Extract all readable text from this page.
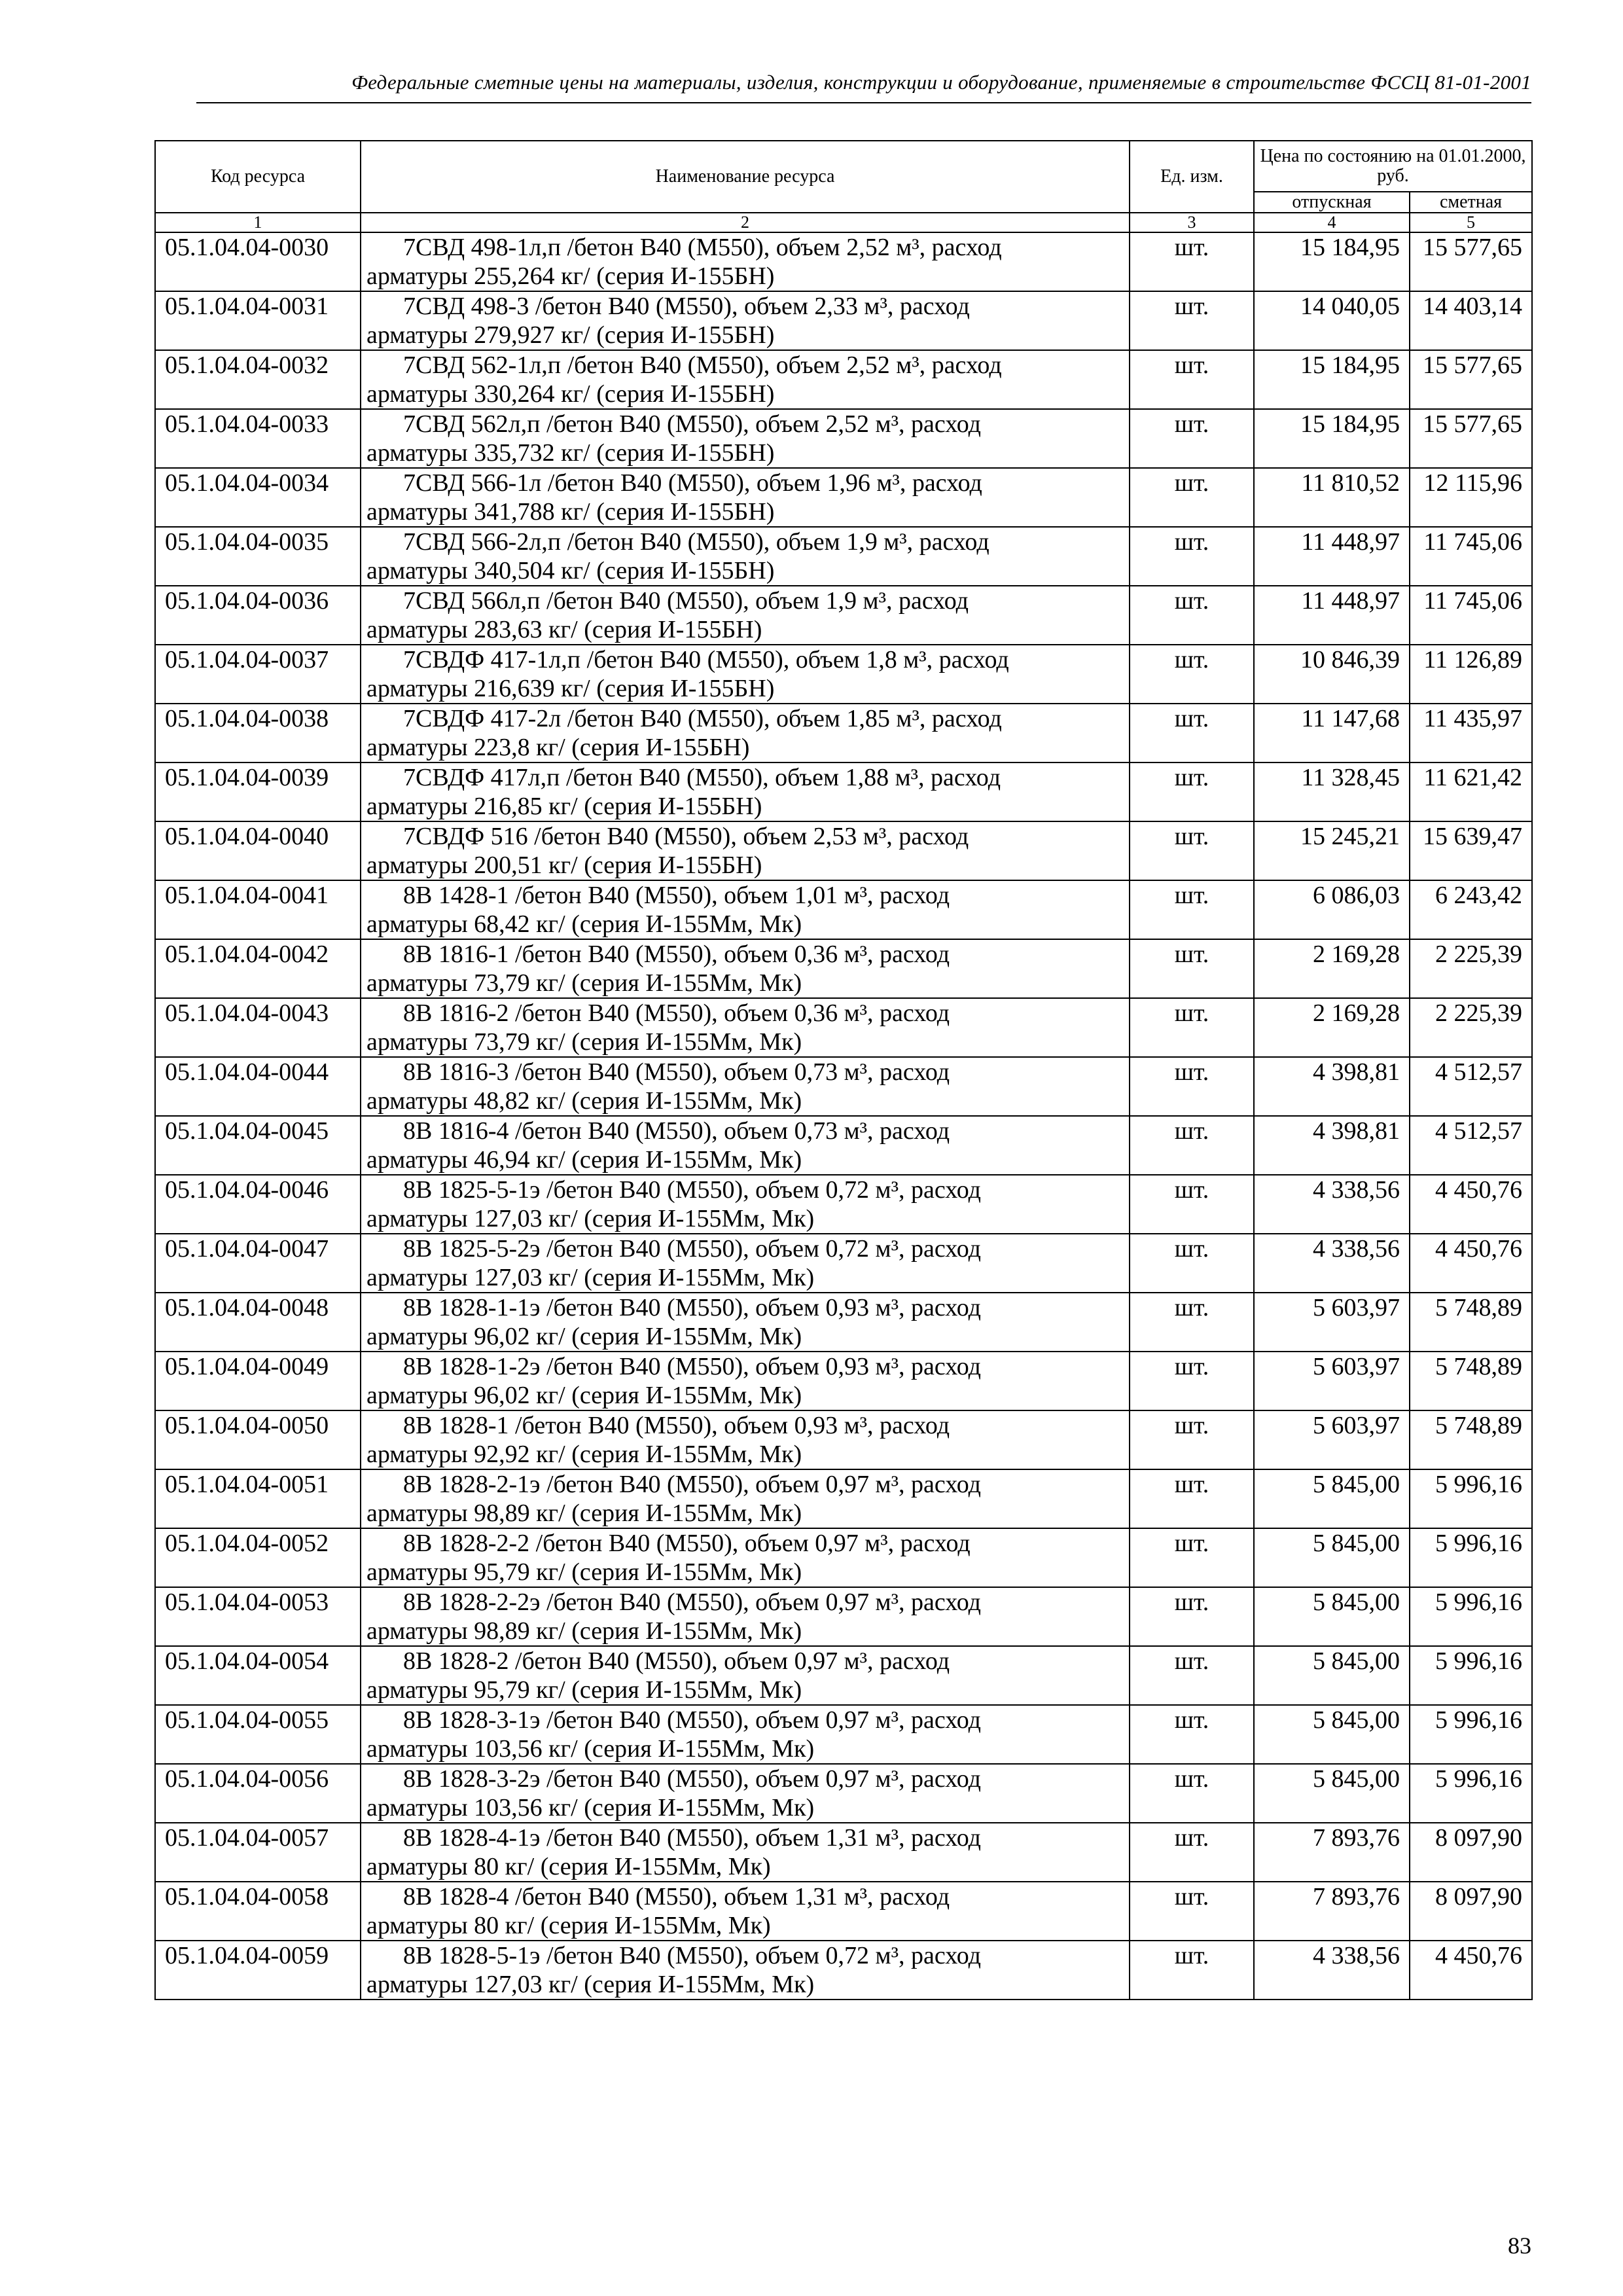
Федеральные сметные цены на материалы, изделия, конструкции и оборудование, применяемые в строительстве ФССЦ 81-01-2001
Код ресурса	Наименование ресурса	Ед. изм.	Цена по состоянию на 01.01.2000, руб.	
			отпускная	сметная
1	2	3	4	5
05.1.04.04-0030	7СВД 498-1л,п /бетон В40 (М550), объем 2,52 м³, расход
арматуры 255,264 кг/ (серия И-155БН)	шт.	15 184,95	15 577,65
05.1.04.04-0031	7СВД 498-3 /бетон В40 (М550), объем 2,33 м³, расход
арматуры 279,927 кг/ (серия И-155БН)	шт.	14 040,05	14 403,14
05.1.04.04-0032	7СВД 562-1л,п /бетон В40 (М550), объем 2,52 м³, расход
арматуры 330,264 кг/ (серия И-155БН)	шт.	15 184,95	15 577,65
05.1.04.04-0033	7СВД 562л,п /бетон В40 (М550), объем 2,52 м³, расход
арматуры 335,732 кг/ (серия И-155БН)	шт.	15 184,95	15 577,65
05.1.04.04-0034	7СВД 566-1л /бетон В40 (М550), объем 1,96 м³, расход
арматуры 341,788 кг/ (серия И-155БН)	шт.	11 810,52	12 115,96
05.1.04.04-0035	7СВД 566-2л,п /бетон В40 (М550), объем 1,9 м³, расход
арматуры 340,504 кг/ (серия И-155БН)	шт.	11 448,97	11 745,06
05.1.04.04-0036	7СВД 566л,п /бетон В40 (М550), объем 1,9 м³, расход
арматуры 283,63 кг/ (серия И-155БН)	шт.	11 448,97	11 745,06
05.1.04.04-0037	7СВДФ 417-1л,п /бетон В40 (М550), объем 1,8 м³, расход
арматуры 216,639 кг/ (серия И-155БН)	шт.	10 846,39	11 126,89
05.1.04.04-0038	7СВДФ 417-2л /бетон В40 (М550), объем 1,85 м³, расход
арматуры 223,8 кг/ (серия И-155БН)	шт.	11 147,68	11 435,97
05.1.04.04-0039	7СВДФ 417л,п /бетон В40 (М550), объем 1,88 м³, расход
арматуры 216,85 кг/ (серия И-155БН)	шт.	11 328,45	11 621,42
05.1.04.04-0040	7СВДФ 516 /бетон В40 (М550), объем 2,53 м³, расход
арматуры 200,51 кг/ (серия И-155БН)	шт.	15 245,21	15 639,47
05.1.04.04-0041	8В 1428-1 /бетон В40 (М550), объем 1,01 м³, расход
арматуры 68,42 кг/ (серия И-155Мм, Мк)	шт.	6 086,03	6 243,42
05.1.04.04-0042	8В 1816-1 /бетон В40 (М550), объем 0,36 м³, расход
арматуры 73,79 кг/ (серия И-155Мм, Мк)	шт.	2 169,28	2 225,39
05.1.04.04-0043	8В 1816-2 /бетон В40 (М550), объем 0,36 м³, расход
арматуры 73,79 кг/ (серия И-155Мм, Мк)	шт.	2 169,28	2 225,39
05.1.04.04-0044	8В 1816-3 /бетон В40 (М550), объем 0,73 м³, расход
арматуры 48,82 кг/ (серия И-155Мм, Мк)	шт.	4 398,81	4 512,57
05.1.04.04-0045	8В 1816-4 /бетон В40 (М550), объем 0,73 м³, расход
арматуры 46,94 кг/ (серия И-155Мм, Мк)	шт.	4 398,81	4 512,57
05.1.04.04-0046	8В 1825-5-1э /бетон В40 (М550), объем 0,72 м³, расход
арматуры 127,03 кг/ (серия И-155Мм, Мк)	шт.	4 338,56	4 450,76
05.1.04.04-0047	8В 1825-5-2э /бетон В40 (М550), объем 0,72 м³, расход
арматуры 127,03 кг/ (серия И-155Мм, Мк)	шт.	4 338,56	4 450,76
05.1.04.04-0048	8В 1828-1-1э /бетон В40 (М550), объем 0,93 м³, расход
арматуры 96,02 кг/ (серия И-155Мм, Мк)	шт.	5 603,97	5 748,89
05.1.04.04-0049	8В 1828-1-2э /бетон В40 (М550), объем 0,93 м³, расход
арматуры 96,02 кг/ (серия И-155Мм, Мк)	шт.	5 603,97	5 748,89
05.1.04.04-0050	8В 1828-1 /бетон В40 (М550), объем 0,93 м³, расход
арматуры 92,92 кг/ (серия И-155Мм, Мк)	шт.	5 603,97	5 748,89
05.1.04.04-0051	8В 1828-2-1э /бетон В40 (М550), объем 0,97 м³, расход
арматуры 98,89 кг/ (серия И-155Мм, Мк)	шт.	5 845,00	5 996,16
05.1.04.04-0052	8В 1828-2-2 /бетон В40 (М550), объем 0,97 м³, расход
арматуры 95,79 кг/ (серия И-155Мм, Мк)	шт.	5 845,00	5 996,16
05.1.04.04-0053	8В 1828-2-2э /бетон В40 (М550), объем 0,97 м³, расход
арматуры 98,89 кг/ (серия И-155Мм, Мк)	шт.	5 845,00	5 996,16
05.1.04.04-0054	8В 1828-2 /бетон В40 (М550), объем 0,97 м³, расход
арматуры 95,79 кг/ (серия И-155Мм, Мк)	шт.	5 845,00	5 996,16
05.1.04.04-0055	8В 1828-3-1э /бетон В40 (М550), объем 0,97 м³, расход
арматуры 103,56 кг/ (серия И-155Мм, Мк)	шт.	5 845,00	5 996,16
05.1.04.04-0056	8В 1828-3-2э /бетон В40 (М550), объем 0,97 м³, расход
арматуры 103,56 кг/ (серия И-155Мм, Мк)	шт.	5 845,00	5 996,16
05.1.04.04-0057	8В 1828-4-1э /бетон В40 (М550), объем 1,31 м³, расход
арматуры 80 кг/ (серия И-155Мм, Мк)	шт.	7 893,76	8 097,90
05.1.04.04-0058	8В 1828-4 /бетон В40 (М550), объем 1,31 м³, расход
арматуры 80 кг/ (серия И-155Мм, Мк)	шт.	7 893,76	8 097,90
05.1.04.04-0059	8В 1828-5-1э /бетон В40 (М550), объем 0,72 м³, расход
арматуры 127,03 кг/ (серия И-155Мм, Мк)	шт.	4 338,56	4 450,76
83
